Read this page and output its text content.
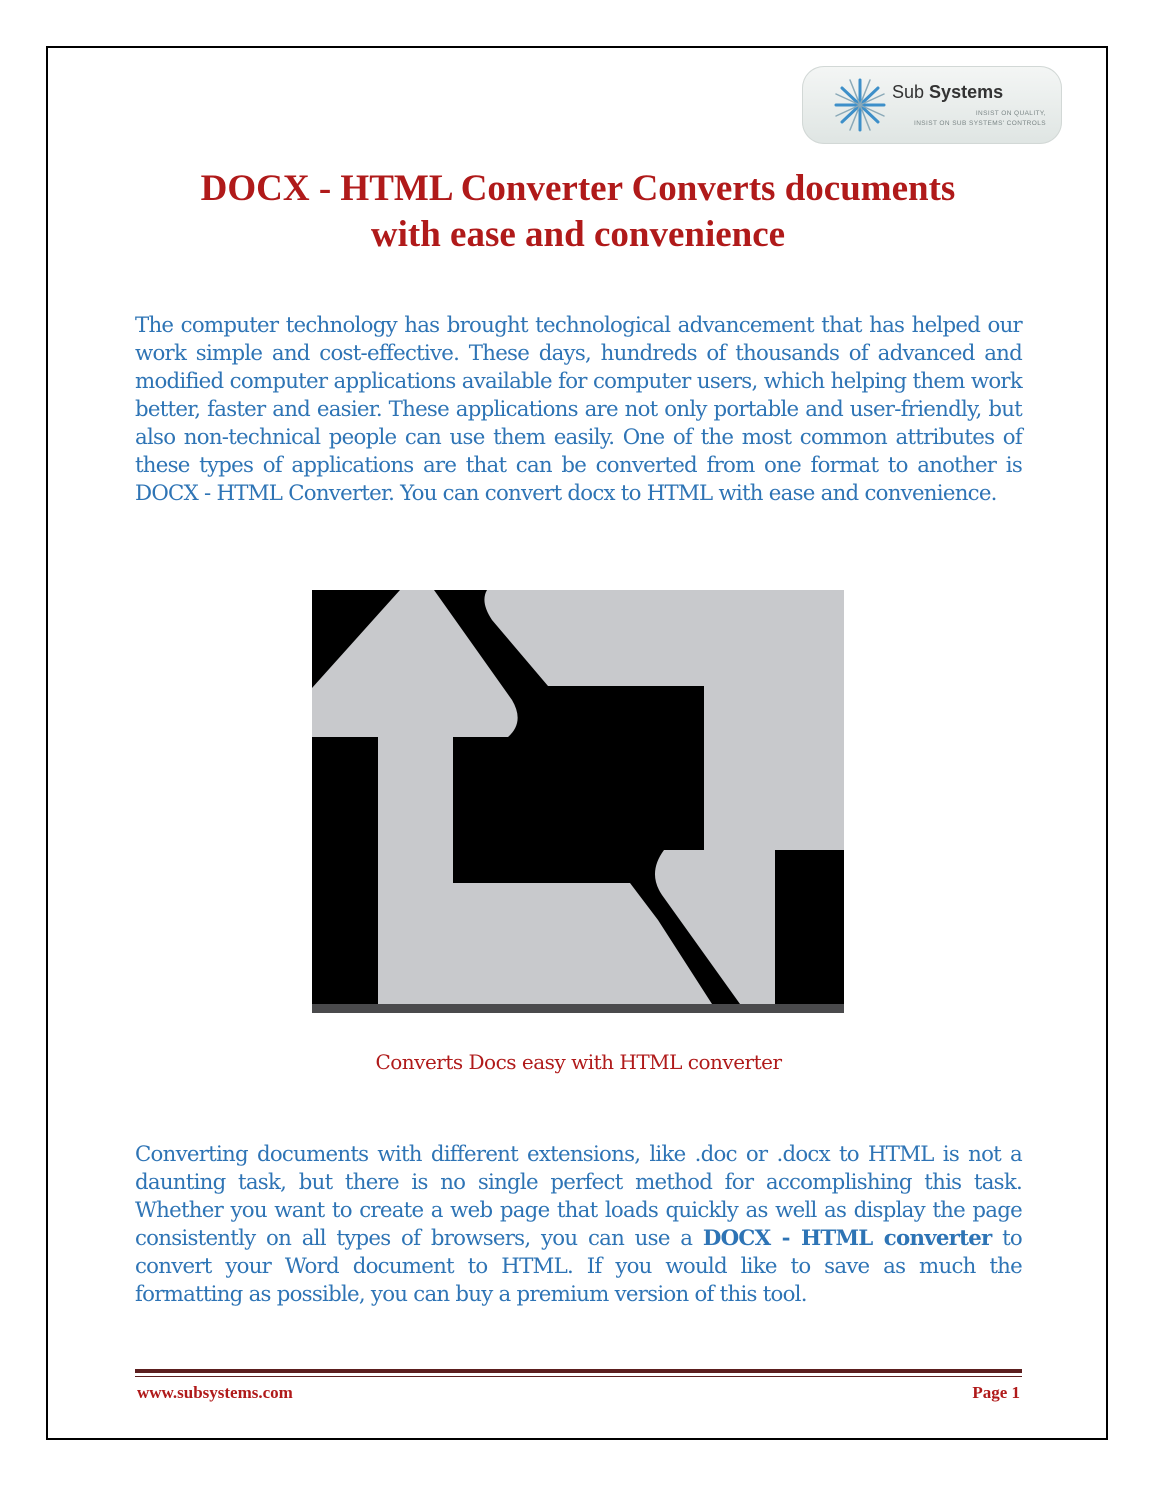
Sub Systems
INSIST ON QUALITY,
INSIST ON SUB SYSTEMS' CONTROLS
DOCX - HTML Converter Converts documents
with ease and convenience

The computer technology has brought technological advancement that has helped our work simple and cost-effective. These days, hundreds of thousands of advanced and modified computer applications available for computer users, which helping them work better, faster and easier. These applications are not only portable and user-friendly, but also non-technical people can use them easily. One of the most common attributes of these types of applications are that can be converted from one format to another is DOCX - HTML Converter. You can convert docx to HTML with ease and convenience.

Converts Docs easy with HTML converter

Converting documents with different extensions, like .doc or .docx to HTML is not a daunting task, but there is no single perfect method for accomplishing this task. Whether you want to create a web page that loads quickly as well as display the page consistently on all types of browsers, you can use a DOCX - HTML converter to convert your Word document to HTML. If you would like to save as much the formatting as possible, you can buy a premium version of this tool.

www.subsystems.com	Page 1
